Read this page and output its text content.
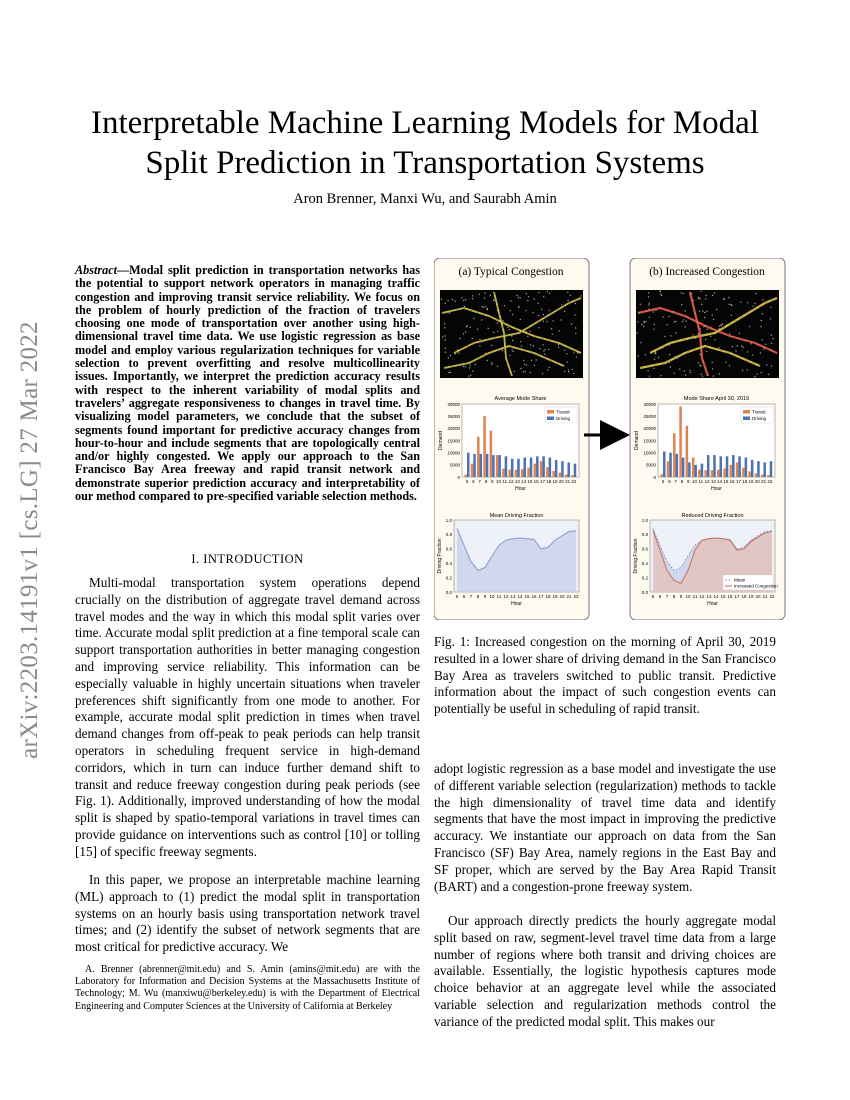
arXiv:2203.14191v1 [cs.LG] 27 Mar 2022
Interpretable Machine Learning Models for Modal Split Prediction in Transportation Systems
Aron Brenner, Manxi Wu, and Saurabh Amin
Abstract—Modal split prediction in transportation networks has the potential to support network operators in managing traffic congestion and improving transit service reliability. We focus on the problem of hourly prediction of the fraction of travelers choosing one mode of transportation over another using high-dimensional travel time data. We use logistic regression as base model and employ various regularization techniques for variable selection to prevent overfitting and resolve multicollinearity issues. Importantly, we interpret the prediction accuracy results with respect to the inherent variability of modal splits and travelers’ aggregate responsiveness to changes in travel time. By visualizing model parameters, we conclude that the subset of segments found important for predictive accuracy changes from hour-to-hour and include segments that are topologically central and/or highly congested. We apply our approach to the San Francisco Bay Area freeway and rapid transit network and demonstrate superior prediction accuracy and interpretability of our method compared to pre-specified variable selection methods.
I. INTRODUCTION
Multi-modal transportation system operations depend crucially on the distribution of aggregate travel demand across travel modes and the way in which this modal split varies over time. Accurate modal split prediction at a fine temporal scale can support transportation authorities in better managing congestion and improving service reliability. This information can be especially valuable in highly uncertain situations when traveler preferences shift significantly from one mode to another. For example, accurate modal split prediction in times when travel demand changes from off-peak to peak periods can help transit operators in scheduling frequent service in high-demand corridors, which in turn can induce further demand shift to transit and reduce freeway congestion during peak periods (see Fig. 1). Additionally, improved understanding of how the modal split is shaped by spatio-temporal variations in travel times can provide guidance on interventions such as control [10] or tolling [15] of specific freeway segments.
In this paper, we propose an interpretable machine learning (ML) approach to (1) predict the modal split in transportation systems on an hourly basis using transportation network travel times; and (2) identify the subset of network segments that are most critical for predictive accuracy. We
A. Brenner (abrenner@mit.edu) and S. Amin (amins@mit.edu) are with the Laboratory for Information and Decision Systems at the Massachusetts Institute of Technology; M. Wu (manxiwu@berkeley.edu) is with the Department of Electrical Engineering and Computer Sciences at the University of California at Berkeley
(a) Typical Congestion	(b) Increased Congestion
Average Mode Share
0
5000
10000
15000
20000
25000
30000
Demand
5 6 7 8 9 10 11 12 13 14 15 16 17 18 19 20 21 22
Hour
Transit
Driving
Mode Share April 30, 2019
0
5000
10000
15000
20000
25000
30000
Demand
5 6 7 8 9 10 11 12 13 14 15 16 17 18 19 20 21 22
Hour
Transit
Driving
Mean Driving Fraction
0.0
0.2
0.4
0.6
0.8
1.0
Driving Fraction
5 6 7 8 9 10 11 12 13 14 15 16 17 18 19 20 21 22
Hour
Reduced Driving Fraction
0.0
0.2
0.4
0.6
0.8
1.0
Driving Fraction
5 6 7 8 9 10 11 12 13 14 15 16 17 18 19 20 21 22
Hour
Mean
Increased Congestion
Fig. 1: Increased congestion on the morning of April 30, 2019 resulted in a lower share of driving demand in the San Francisco Bay Area as travelers switched to public transit. Predictive information about the impact of such congestion events can potentially be useful in scheduling of rapid transit.
adopt logistic regression as a base model and investigate the use of different variable selection (regularization) methods to tackle the high dimensionality of travel time data and identify segments that have the most impact in improving the predictive accuracy. We instantiate our approach on data from the San Francisco (SF) Bay Area, namely regions in the East Bay and SF proper, which are served by the Bay Area Rapid Transit (BART) and a congestion-prone freeway system.
Our approach directly predicts the hourly aggregate modal split based on raw, segment-level travel time data from a large number of regions where both transit and driving choices are available. Essentially, the logistic hypothesis captures mode choice behavior at an aggregate level while the associated variable selection and regularization methods control the variance of the predicted modal split. This makes our
